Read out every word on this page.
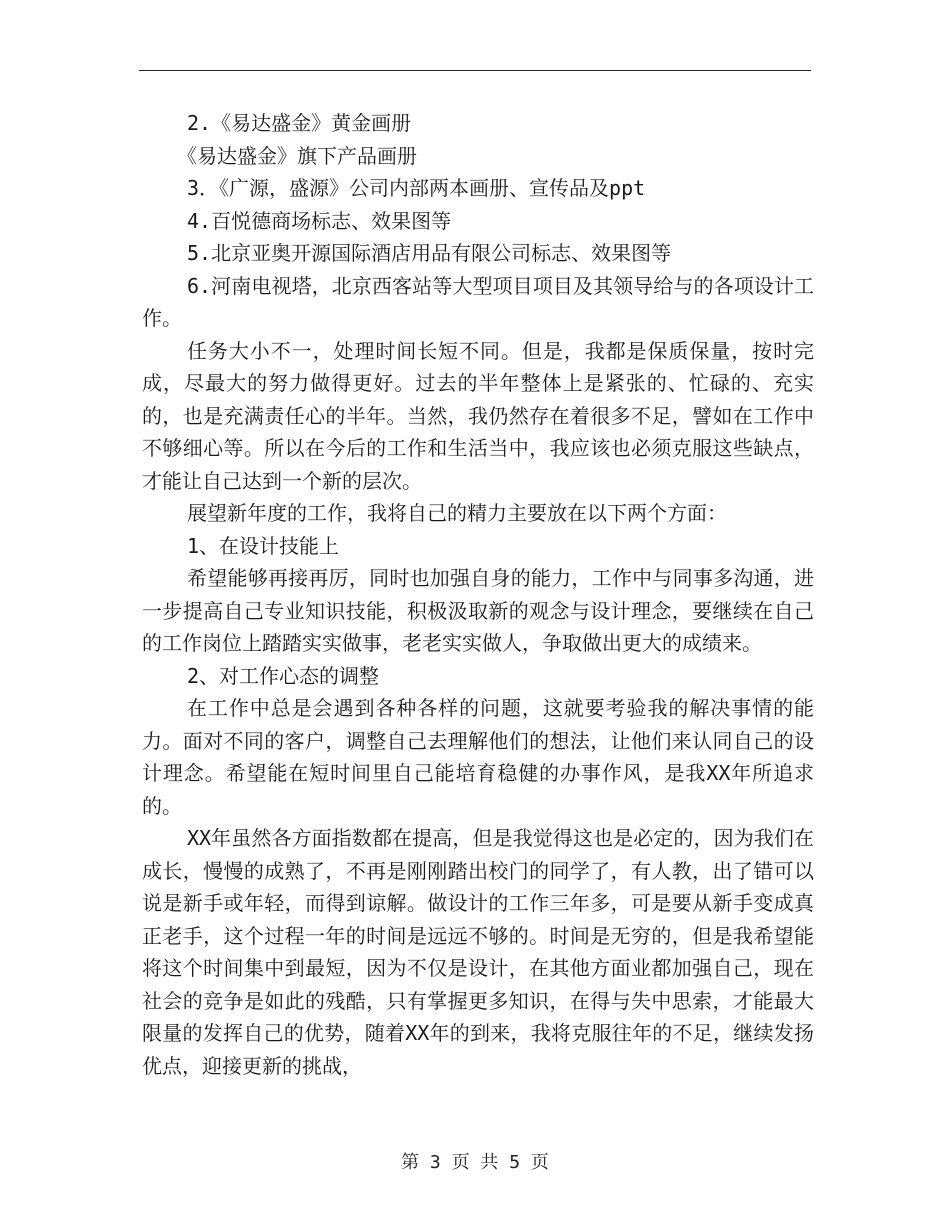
2.《易达盛金》黄金画册

《易达盛金》旗下产品画册

3．《广源，盛源》公司内部两本画册、宣传品及ppt

4.百悦德商场标志、效果图等

5.北京亚奥开源国际酒店用品有限公司标志、效果图等

6.河南电视塔，北京西客站等大型项目项目及其领导给与的各项设计工作。

任务大小不一，处理时间长短不同。但是，我都是保质保量，按时完成，尽最大的努力做得更好。过去的半年整体上是紧张的、忙碌的、充实的，也是充满责任心的半年。当然，我仍然存在着很多不足，譬如在工作中不够细心等。所以在今后的工作和生活当中，我应该也必须克服这些缺点，才能让自己达到一个新的层次。

展望新年度的工作，我将自己的精力主要放在以下两个方面：

1、在设计技能上

希望能够再接再厉，同时也加强自身的能力，工作中与同事多沟通，进一步提高自己专业知识技能，积极汲取新的观念与设计理念，要继续在自己的工作岗位上踏踏实实做事，老老实实做人，争取做出更大的成绩来。

2、对工作心态的调整

在工作中总是会遇到各种各样的问题，这就要考验我的解决事情的能力。面对不同的客户，调整自己去理解他们的想法，让他们来认同自己的设计理念。希望能在短时间里自己能培育稳健的办事作风，是我XX年所追求的。

XX年虽然各方面指数都在提高，但是我觉得这也是必定的，因为我们在成长，慢慢的成熟了，不再是刚刚踏出校门的同学了，有人教，出了错可以说是新手或年轻，而得到谅解。做设计的工作三年多，可是要从新手变成真正老手，这个过程一年的时间是远远不够的。时间是无穷的，但是我希望能将这个时间集中到最短，因为不仅是设计，在其他方面业都加强自己，现在社会的竞争是如此的残酷，只有掌握更多知识，在得与失中思索，才能最大限量的发挥自己的优势，随着XX年的到来，我将克服往年的不足，继续发扬优点，迎接更新的挑战，

第 3 页 共 5 页
